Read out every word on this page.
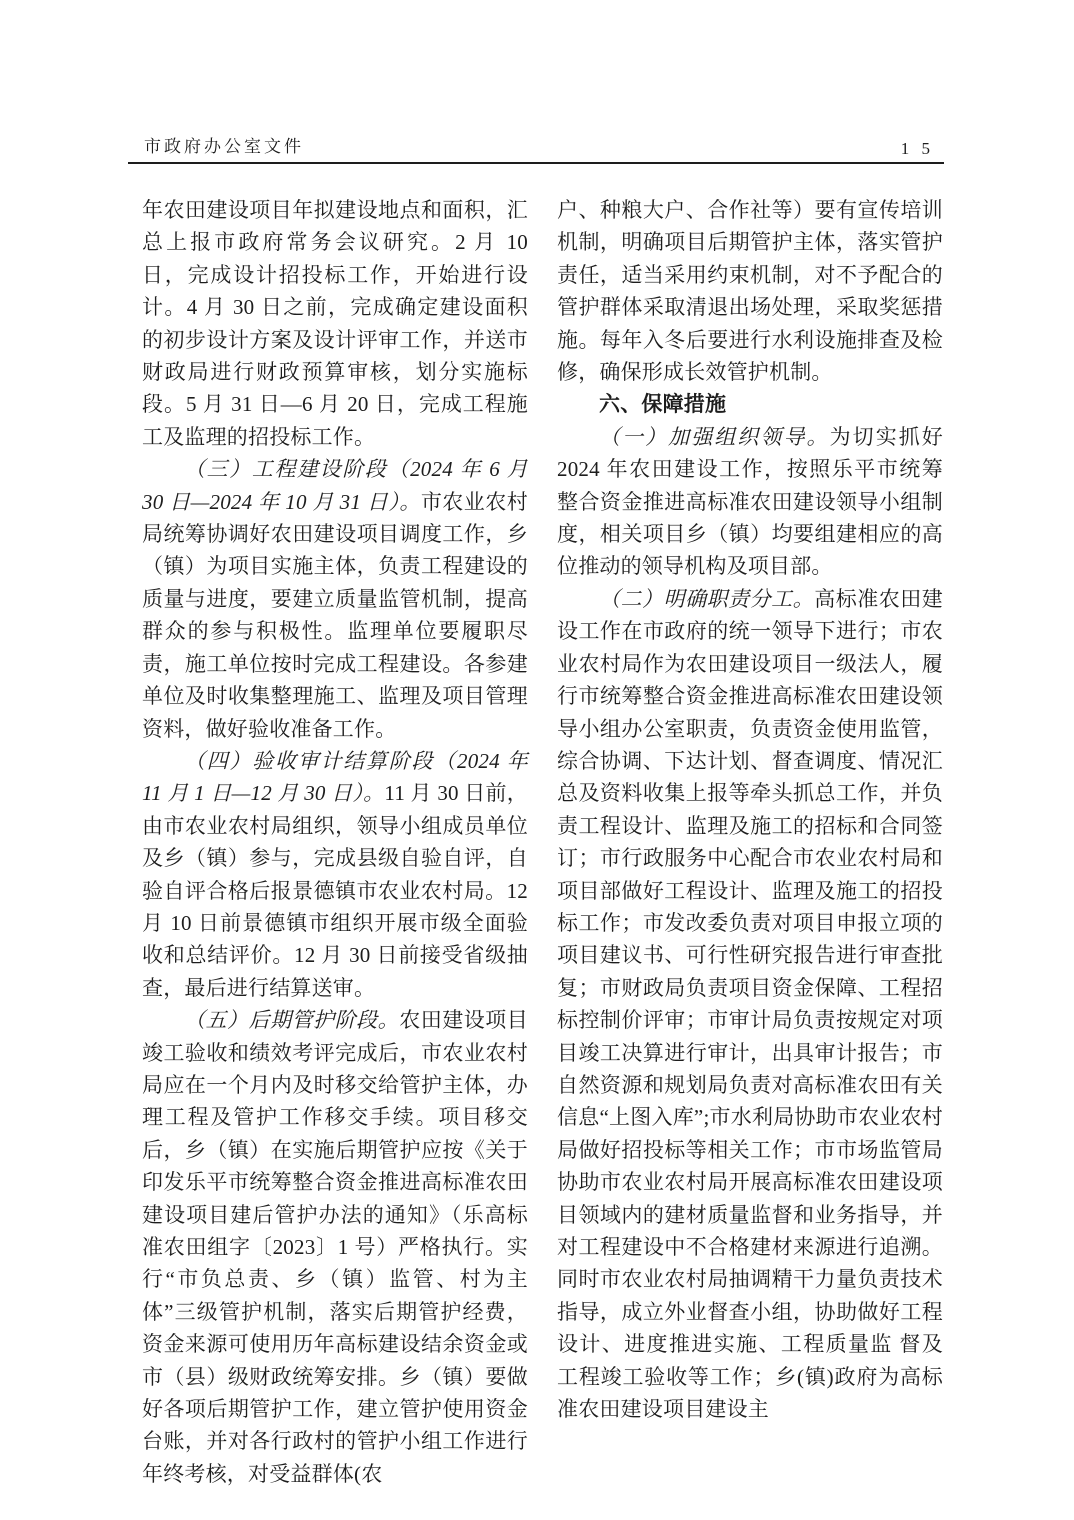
市政府办公室文件	1 5

年农田建设项目年拟建设地点和面积，汇总上报市政府常务会议研究。2 月 10 日，完成设计招投标工作，开始进行设计。4 月 30 日之前，完成确定建设面积的初步设计方案及设计评审工作，并送市财政局进行财政预算审核，划分实施标段。5 月 31 日—6 月 20 日，完成工程施工及监理的招投标工作。

（三）工程建设阶段（2024 年 6 月 30 日—2024 年 10 月 31 日）。市农业农村局统筹协调好农田建设项目调度工作，乡（镇）为项目实施主体，负责工程建设的质量与进度，要建立质量监管机制，提高群众的参与积极性。监理单位要履职尽责，施工单位按时完成工程建设。各参建单位及时收集整理施工、监理及项目管理资料，做好验收准备工作。

（四）验收审计结算阶段（2024 年 11 月 1 日—12 月 30 日）。11 月 30 日前，由市农业农村局组织，领导小组成员单位及乡（镇）参与，完成县级自验自评，自验自评合格后报景德镇市农业农村局。12 月 10 日前景德镇市组织开展市级全面验收和总结评价。12 月 30 日前接受省级抽查，最后进行结算送审。

（五）后期管护阶段。农田建设项目竣工验收和绩效考评完成后，市农业农村局应在一个月内及时移交给管护主体，办理工程及管护工作移交手续。项目移交后，乡（镇）在实施后期管护应按《关于印发乐平市统筹整合资金推进高标准农田建设项目建后管护办法的通知》（乐高标准农田组字〔2023〕1 号）严格执行。实行“市负总责、乡（镇）监管、村为主体”三级管护机制，落实后期管护经费，资金来源可使用历年高标建设结余资金或市（县）级财政统筹安排。乡（镇）要做好各项后期管护工作，建立管护使用资金台账，并对各行政村的管护小组工作进行年终考核，对受益群体(农

户、种粮大户、合作社等）要有宣传培训机制，明确项目后期管护主体，落实管护责任，适当采用约束机制，对不予配合的管护群体采取清退出场处理，采取奖惩措施。每年入冬后要进行水利设施排查及检修，确保形成长效管护机制。

六、保障措施

（一）加强组织领导。为切实抓好 2024 年农田建设工作，按照乐平市统筹整合资金推进高标准农田建设领导小组制度，相关项目乡（镇）均要组建相应的高位推动的领导机构及项目部。

（二）明确职责分工。高标准农田建设工作在市政府的统一领导下进行；市农业农村局作为农田建设项目一级法人，履行市统筹整合资金推进高标准农田建设领导小组办公室职责，负责资金使用监管，综合协调、下达计划、督查调度、情况汇总及资料收集上报等牵头抓总工作，并负责工程设计、监理及施工的招标和合同签订；市行政服务中心配合市农业农村局和项目部做好工程设计、监理及施工的招投标工作；市发改委负责对项目申报立项的项目建议书、可行性研究报告进行审查批复；市财政局负责项目资金保障、工程招标控制价评审；市审计局负责按规定对项目竣工决算进行审计，出具审计报告；市自然资源和规划局负责对高标准农田有关信息“上图入库”;市水利局协助市农业农村局做好招投标等相关工作；市市场监管局协助市农业农村局开展高标准农田建设项目领域内的建材质量监督和业务指导，并对工程建设中不合格建材来源进行追溯。同时市农业农村局抽调精干力量负责技术指导，成立外业督查小组，协助做好工程设计、进度推进实施、工程质量监 督及工程竣工验收等工作；乡(镇)政府为高标准农田建设项目建设主
